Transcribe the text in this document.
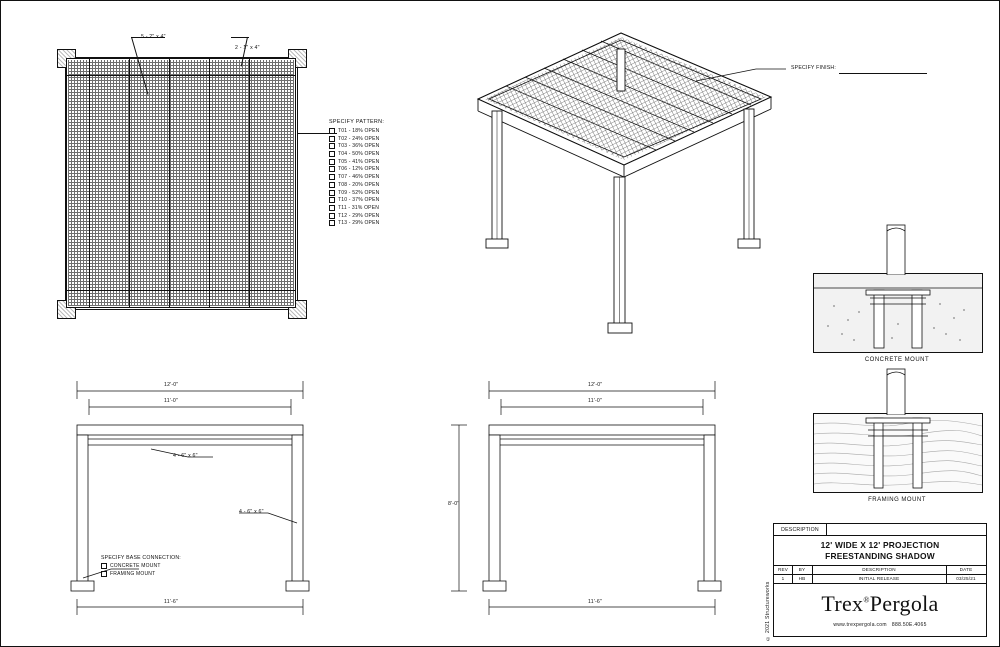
5 - 2" x 4"
2 - 1" x 4"
SPECIFY PATTERN:
T01 - 18% OPEN
T02 - 24% OPEN
T03 - 36% OPEN
T04 - 50% OPEN
T05 - 41% OPEN
T06 - 12% OPEN
T07 - 46% OPEN
T08 - 20% OPEN
T09 - 52% OPEN
T10 - 37% OPEN
T11 - 31% OPEN
T12 - 29% OPEN
T13 - 29% OPEN
SPECIFY FINISH:
CONCRETE MOUNT
FRAMING MOUNT
12'-0"
11'-0"
4 - 6" x 6"
4 - 6" x 6"
11'-6"
SPECIFY BASE CONNECTION:
CONCRETE MOUNT
FRAMING MOUNT
12'-0"
11'-0"
8'-0"
11'-6"	© 2021 Structureworks
DESCRIPTION
12' WIDE X 12' PROJECTION
FREESTANDING SHADOW
REV	BY	DESCRIPTION	DATE
1	HB	INITIAL RELEASE	03/25/21
Trex®Pergola
www.trexpergola.com 888.50E.4065
